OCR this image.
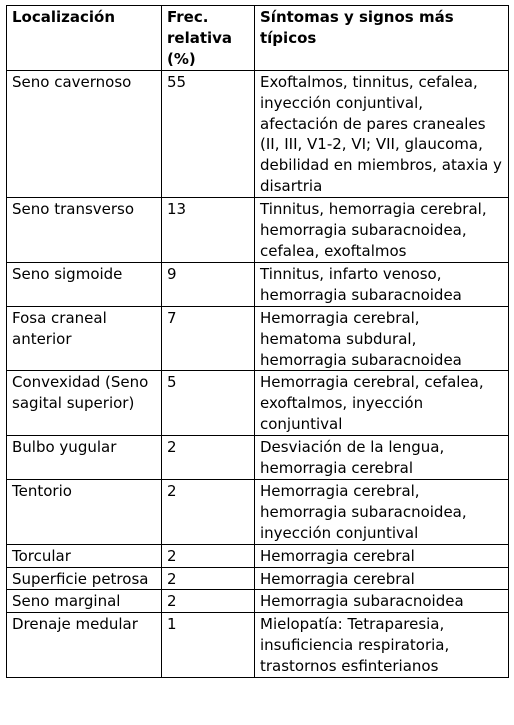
Localización	Frec. relativa (%)	Síntomas y signos más típicos
Seno cavernoso	55	Exoftalmos, tinnitus, cefalea, inyección conjuntival, afectación de pares craneales (II, III, V1-2, VI; VII, glaucoma, debilidad en miembros, ataxia y disartria
Seno transverso	13	Tinnitus, hemorragia cerebral, hemorragia subaracnoidea, cefalea, exoftalmos
Seno sigmoide	9	Tinnitus, infarto venoso, hemorragia subaracnoidea
Fosa craneal anterior	7	Hemorragia cerebral, hematoma subdural, hemorragia subaracnoidea
Convexidad (Seno sagital superior)	5	Hemorragia cerebral, cefalea, exoftalmos, inyección conjuntival
Bulbo yugular	2	Desviación de la lengua, hemorragia cerebral
Tentorio	2	Hemorragia cerebral, hemorragia subaracnoidea, inyección conjuntival
Torcular	2	Hemorragia cerebral
Superficie petrosa	2	Hemorragia cerebral
Seno marginal	2	Hemorragia subaracnoidea
Drenaje medular	1	Mielopatía: Tetraparesia, insuficiencia respiratoria, trastornos esfinterianos
